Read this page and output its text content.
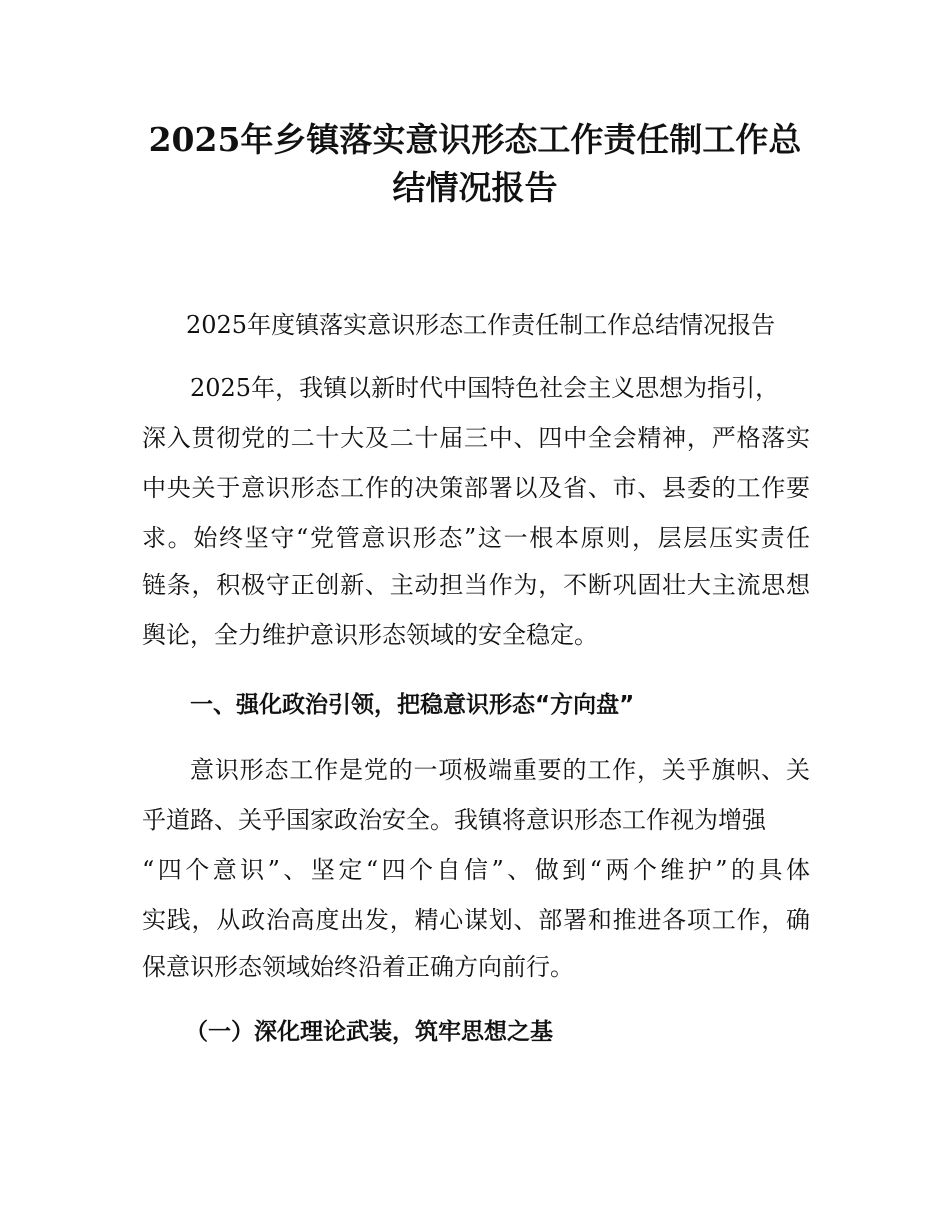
2025年乡镇落实意识形态工作责任制工作总
结情况报告
2025年度镇落实意识形态工作责任制工作总结情况报告
2025年，我镇以新时代中国特色社会主义思想为指引，
深入贯彻党的二十大及二十届三中、四中全会精神，严格落实
中央关于意识形态工作的决策部署以及省、市、县委的工作要
求。始终坚守“党管意识形态”这一根本原则，层层压实责任
链条，积极守正创新、主动担当作为，不断巩固壮大主流思想
舆论，全力维护意识形态领域的安全稳定。
一、强化政治引领，把稳意识形态“方向盘”
意识形态工作是党的一项极端重要的工作，关乎旗帜、关
乎道路、关乎国家政治安全。我镇将意识形态工作视为增强
“四个意识”、坚定“四个自信”、做到“两个维护”的具体
实践，从政治高度出发，精心谋划、部署和推进各项工作，确
保意识形态领域始终沿着正确方向前行。
（一）深化理论武装，筑牢思想之基
